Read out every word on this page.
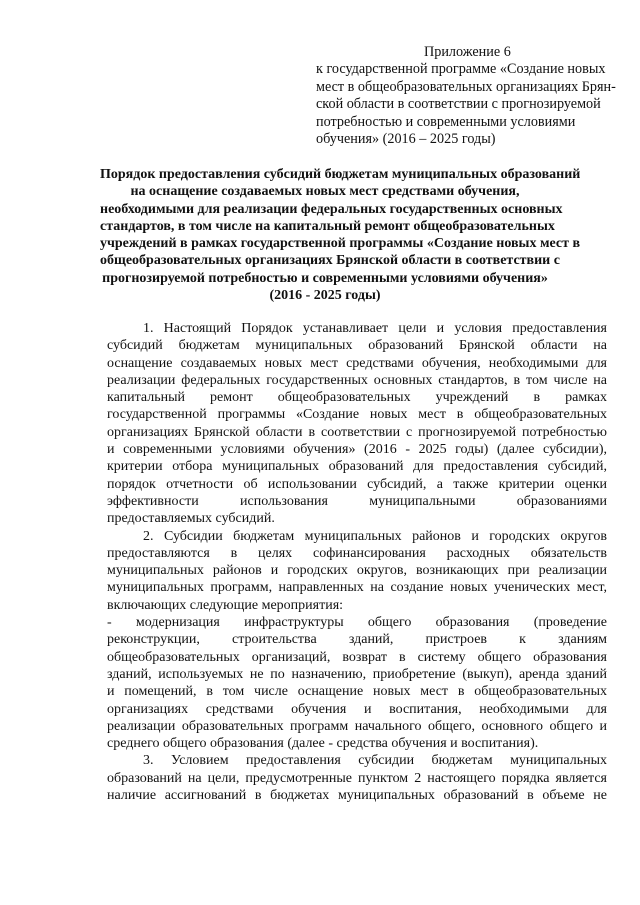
Приложение 6
к государственной программе «Создание новых
мест в общеобразовательных организациях Брян-
ской области в соответствии с прогнозируемой
потребностью и современными условиями
обучения» (2016 – 2025 годы)
Порядок предоставления субсидий бюджетам муниципальных образований
на оснащение создаваемых новых мест средствами обучения,
необходимыми для реализации федеральных государственных основных
стандартов, в том числе на капитальный ремонт общеобразовательных
учреждений в рамках государственной программы «Создание новых мест в
общеобразовательных организациях Брянской области в соответствии с
прогнозируемой потребностью и современными условиями обучения»
(2016 - 2025 годы)
1. Настоящий Порядок устанавливает цели и условия предоставления
субсидий бюджетам муниципальных образований Брянской области на
оснащение создаваемых новых мест средствами обучения, необходимыми для
реализации федеральных государственных основных стандартов, в том числе на
капитальный ремонт общеобразовательных учреждений в рамках
государственной программы «Создание новых мест в общеобразовательных
организациях Брянской области в соответствии с прогнозируемой потребностью
и современными условиями обучения» (2016 - 2025 годы) (далее субсидии),
критерии отбора муниципальных образований для предоставления субсидий,
порядок отчетности об использовании субсидий, а также критерии оценки
эффективности использования муниципальными образованиями
предоставляемых субсидий.
2. Субсидии бюджетам муниципальных районов и городских округов
предоставляются в целях софинансирования расходных обязательств
муниципальных районов и городских округов, возникающих при реализации
муниципальных программ, направленных на создание новых ученических мест,
включающих следующие мероприятия:
- модернизация инфраструктуры общего образования (проведение
реконструкции, строительства зданий, пристроев к зданиям
общеобразовательных организаций, возврат в систему общего образования
зданий, используемых не по назначению, приобретение (выкуп), аренда зданий
и помещений, в том числе оснащение новых мест в общеобразовательных
организациях средствами обучения и воспитания, необходимыми для
реализации образовательных программ начального общего, основного общего и
среднего общего образования (далее - средства обучения и воспитания).
3. Условием предоставления субсидии бюджетам муниципальных
образований на цели, предусмотренные пунктом 2 настоящего порядка является
наличие ассигнований в бюджетах муниципальных образований в объеме не
